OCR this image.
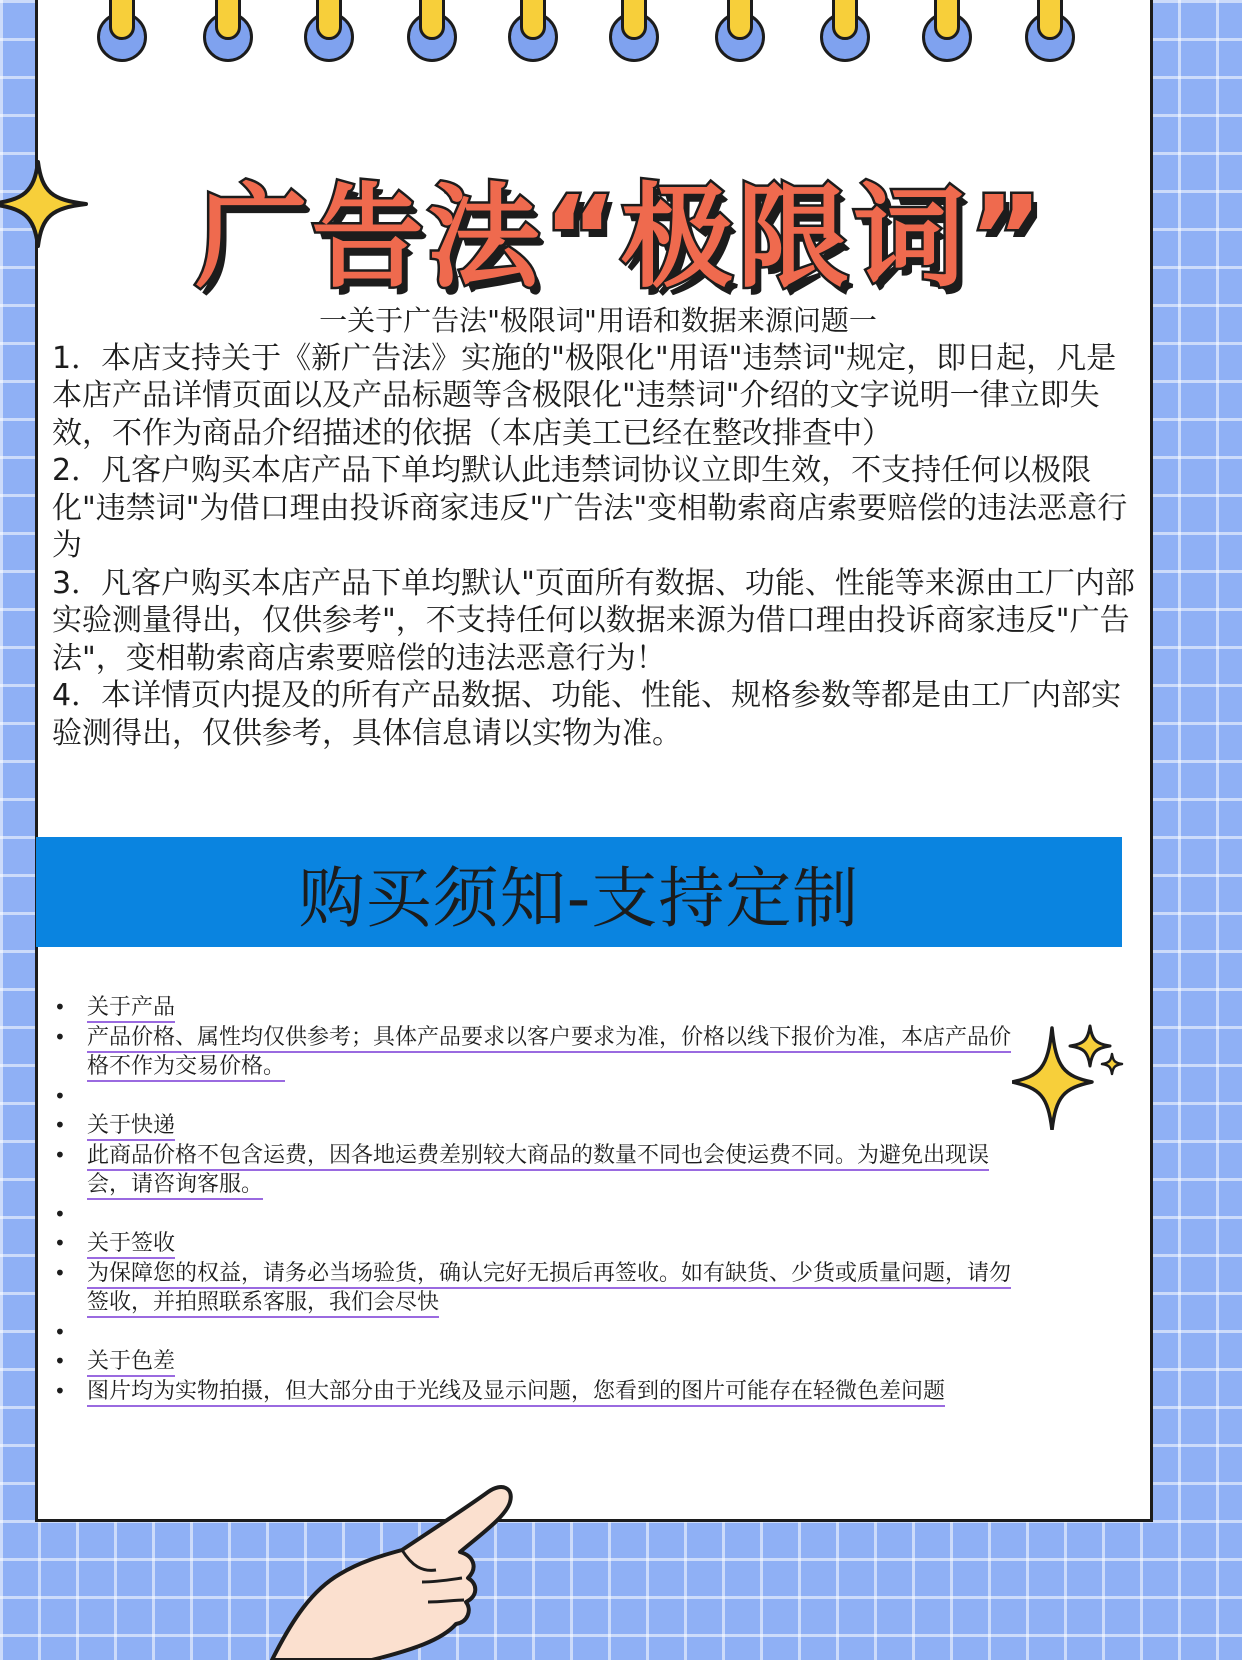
广告法“极限词”
一关于广告法"极限词"用语和数据来源问题一

1．本店支持关于《新广告法》实施的"极限化"用语"违禁词"规定，即日起，凡是本店产品详情页面以及产品标题等含极限化"违禁词"介绍的文字说明一律立即失效，不作为商品介绍描述的依据（本店美工已经在整改排查中）

2．凡客户购买本店产品下单均默认此违禁词协议立即生效，不支持任何以极限化"违禁词"为借口理由投诉商家违反"广告法"变相勒索商店索要赔偿的违法恶意行为

3．凡客户购买本店产品下单均默认"页面所有数据、功能、性能等来源由工厂内部实验测量得出，仅供参考"，不支持任何以数据来源为借口理由投诉商家违反"广告法"，变相勒索商店索要赔偿的违法恶意行为！

4．本详情页内提及的所有产品数据、功能、性能、规格参数等都是由工厂内部实验测得出，仅供参考，具体信息请以实物为准。

购买须知-支持定制
• 关于产品
• 产品价格、属性均仅供参考；具体产品要求以客户要求为准，价格以线下报价为准，本店产品价格不作为交易价格。
•
• 关于快递
• 此商品价格不包含运费，因各地运费差别较大商品的数量不同也会使运费不同。为避免出现误会，请咨询客服。
•
• 关于签收
• 为保障您的权益，请务必当场验货，确认完好无损后再签收。如有缺货、少货或质量问题，请勿签收，并拍照联系客服，我们会尽快
•
• 关于色差
• 图片均为实物拍摄，但大部分由于光线及显示问题，您看到的图片可能存在轻微色差问题
